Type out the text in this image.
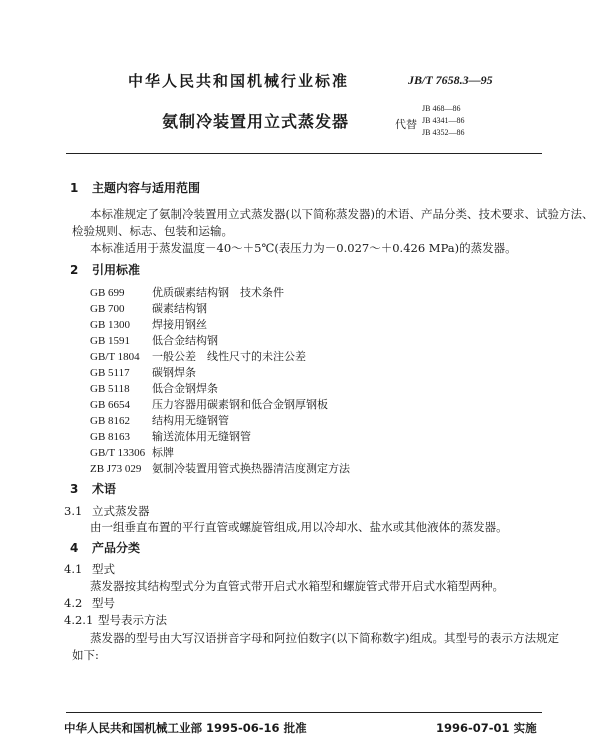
中华人民共和国机械行业标准	JB/T 7658.3—95
氨制冷装置用立式蒸发器	代替
JB 468—86
JB 4341—86
JB 4352—86
1 主题内容与适用范围
本标准规定了氨制冷装置用立式蒸发器(以下简称蒸发器)的术语、产品分类、技术要求、试验方法、
检验规则、标志、包装和运输。
本标准适用于蒸发温度－40～＋5℃(表压力为－0.027～＋0.426 MPa)的蒸发器。
2 引用标准
GB 699 优质碳素结构钢　技术条件
GB 700 碳素结构钢
GB 1300 焊接用钢丝
GB 1591 低合金结构钢
GB/T 1804 一般公差　线性尺寸的未注公差
GB 5117 碳钢焊条
GB 5118 低合金钢焊条
GB 6654 压力容器用碳素钢和低合金钢厚钢板
GB 8162 结构用无缝钢管
GB 8163 输送流体用无缝钢管
GB/T 13306 标牌
ZB J73 029 氨制冷装置用管式换热器清洁度测定方法
3 术语
3.1 立式蒸发器
由一组垂直布置的平行直管或螺旋管组成,用以冷却水、盐水或其他液体的蒸发器。
4 产品分类
4.1 型式
蒸发器按其结构型式分为直管式带开启式水箱型和螺旋管式带开启式水箱型两种。
4.2 型号
4.2.1 型号表示方法
蒸发器的型号由大写汉语拼音字母和阿拉伯数字(以下简称数字)组成。其型号的表示方法规定
如下:
中华人民共和国机械工业部 1995-06-16 批准	1996-07-01 实施
